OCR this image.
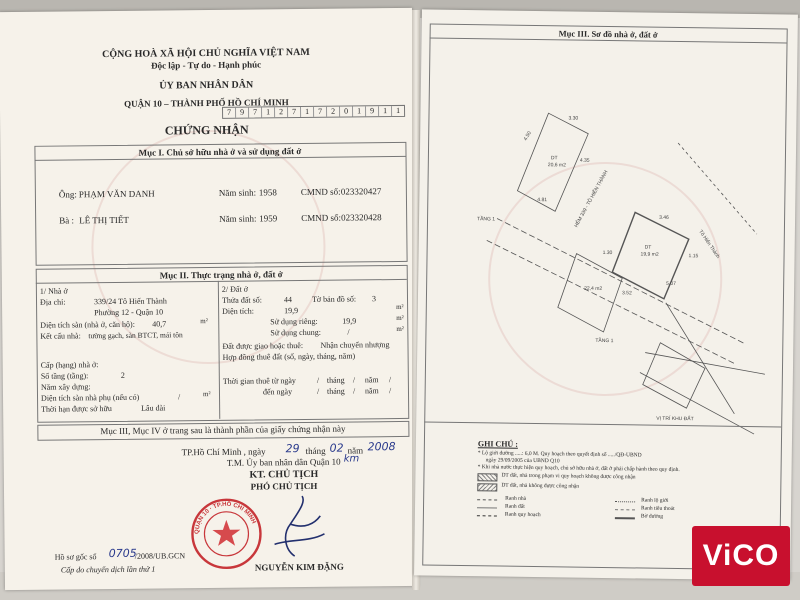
CỘNG HOÀ XÃ HỘI CHỦ NGHĨA VIỆT NAM
Độc lập - Tự do - Hạnh phúc
ỦY BAN NHÂN DÂN
QUẬN 10 – THÀNH PHỐ HỒ CHÍ MINH
7	9	7	1	2	7	1	7	2	0	1	9	1	1
CHỨNG NHẬN
Mục I. Chủ sở hữu nhà ở và sử dụng đất ở
Ông: PHẠM VĂN DANH	Năm sinh: 1958	CMND số: 023320427
Bà : LÊ THỊ TIẾT	Năm sinh: 1959	CMND số: 023320428
Mục II. Thực trạng nhà ở, đất ở
1/ Nhà ở
Địa chỉ:	339/24 Tô Hiến Thành
Phường 12 - Quận 10
Diện tích sàn (nhà ở, căn hộ): 40,7	m²
Kết cấu nhà: tường gạch, sàn BTCT, mái tôn
Cấp (hạng) nhà ở:
Số tầng (tầng):	2
Năm xây dựng:
Diện tích sàn nhà phụ (nếu có)	/	m²
Thời hạn được sở hữu	Lâu dài
2/ Đất ở
Thửa đất số:	44 Tờ bản đồ số: 3
Diện tích:	19,9	m²
Sử dụng riêng:	19,9	m²
Sử dụng chung:	/	m²
Đất được giao hoặc thuê: Nhận chuyển nhượng
Hợp đồng thuê đất (số, ngày, tháng, năm)
Thời gian thuê từ ngày	/ tháng / năm /
đến ngày	/ tháng / năm /
Mục III, Mục IV ở trang sau là thành phần của giấy chứng nhận này
TP.Hồ Chí Minh , ngày 29 tháng 02 năm 2008
T.M. Ủy ban nhân dân Quận 10 km
KT. CHỦ TỊCH
PHÓ CHỦ TỊCH
NGUYỄN KIM ĐẶNG
QUẬN 10 · TP.HỒ CHÍ MINH
Hồ sơ gốc số 0705
/2008/UB.GCN
Cấp do chuyển dịch lần thứ 1
Mục III. Sơ đồ nhà ở, đất ở
DT
20,6 m2
DT
19,9 m2
22,4 m2
TẦNG 1
TẦNG 1
Tô Hiến Thành
HẺM 339 - TÔ HIẾN THÀNH
4.50
3.30
4.35
4.81
3.46
1.15
3.52
5.07
1.30
VỊ TRÍ KHU ĐẤT
GHI CHÚ :
* Lộ giới đường .....: 6,0 M. Quy hoạch theo quyết định số ...../QĐ-UBND
ngày 29/09/2005 của UBND Q10
* Khi nhà nước thực hiện quy hoạch, chủ sở hữu nhà ở, đất ở phải chấp hành theo quy định.
DT đất, nhà trong phạm vi quy hoạch không được công nhận
DT đất, nhà không được công nhận
Ranh nhà	Ranh lộ giới
Ranh đất	Ranh tiêu thoát
Ranh quy hoạch	Bờ đường
ViCO
